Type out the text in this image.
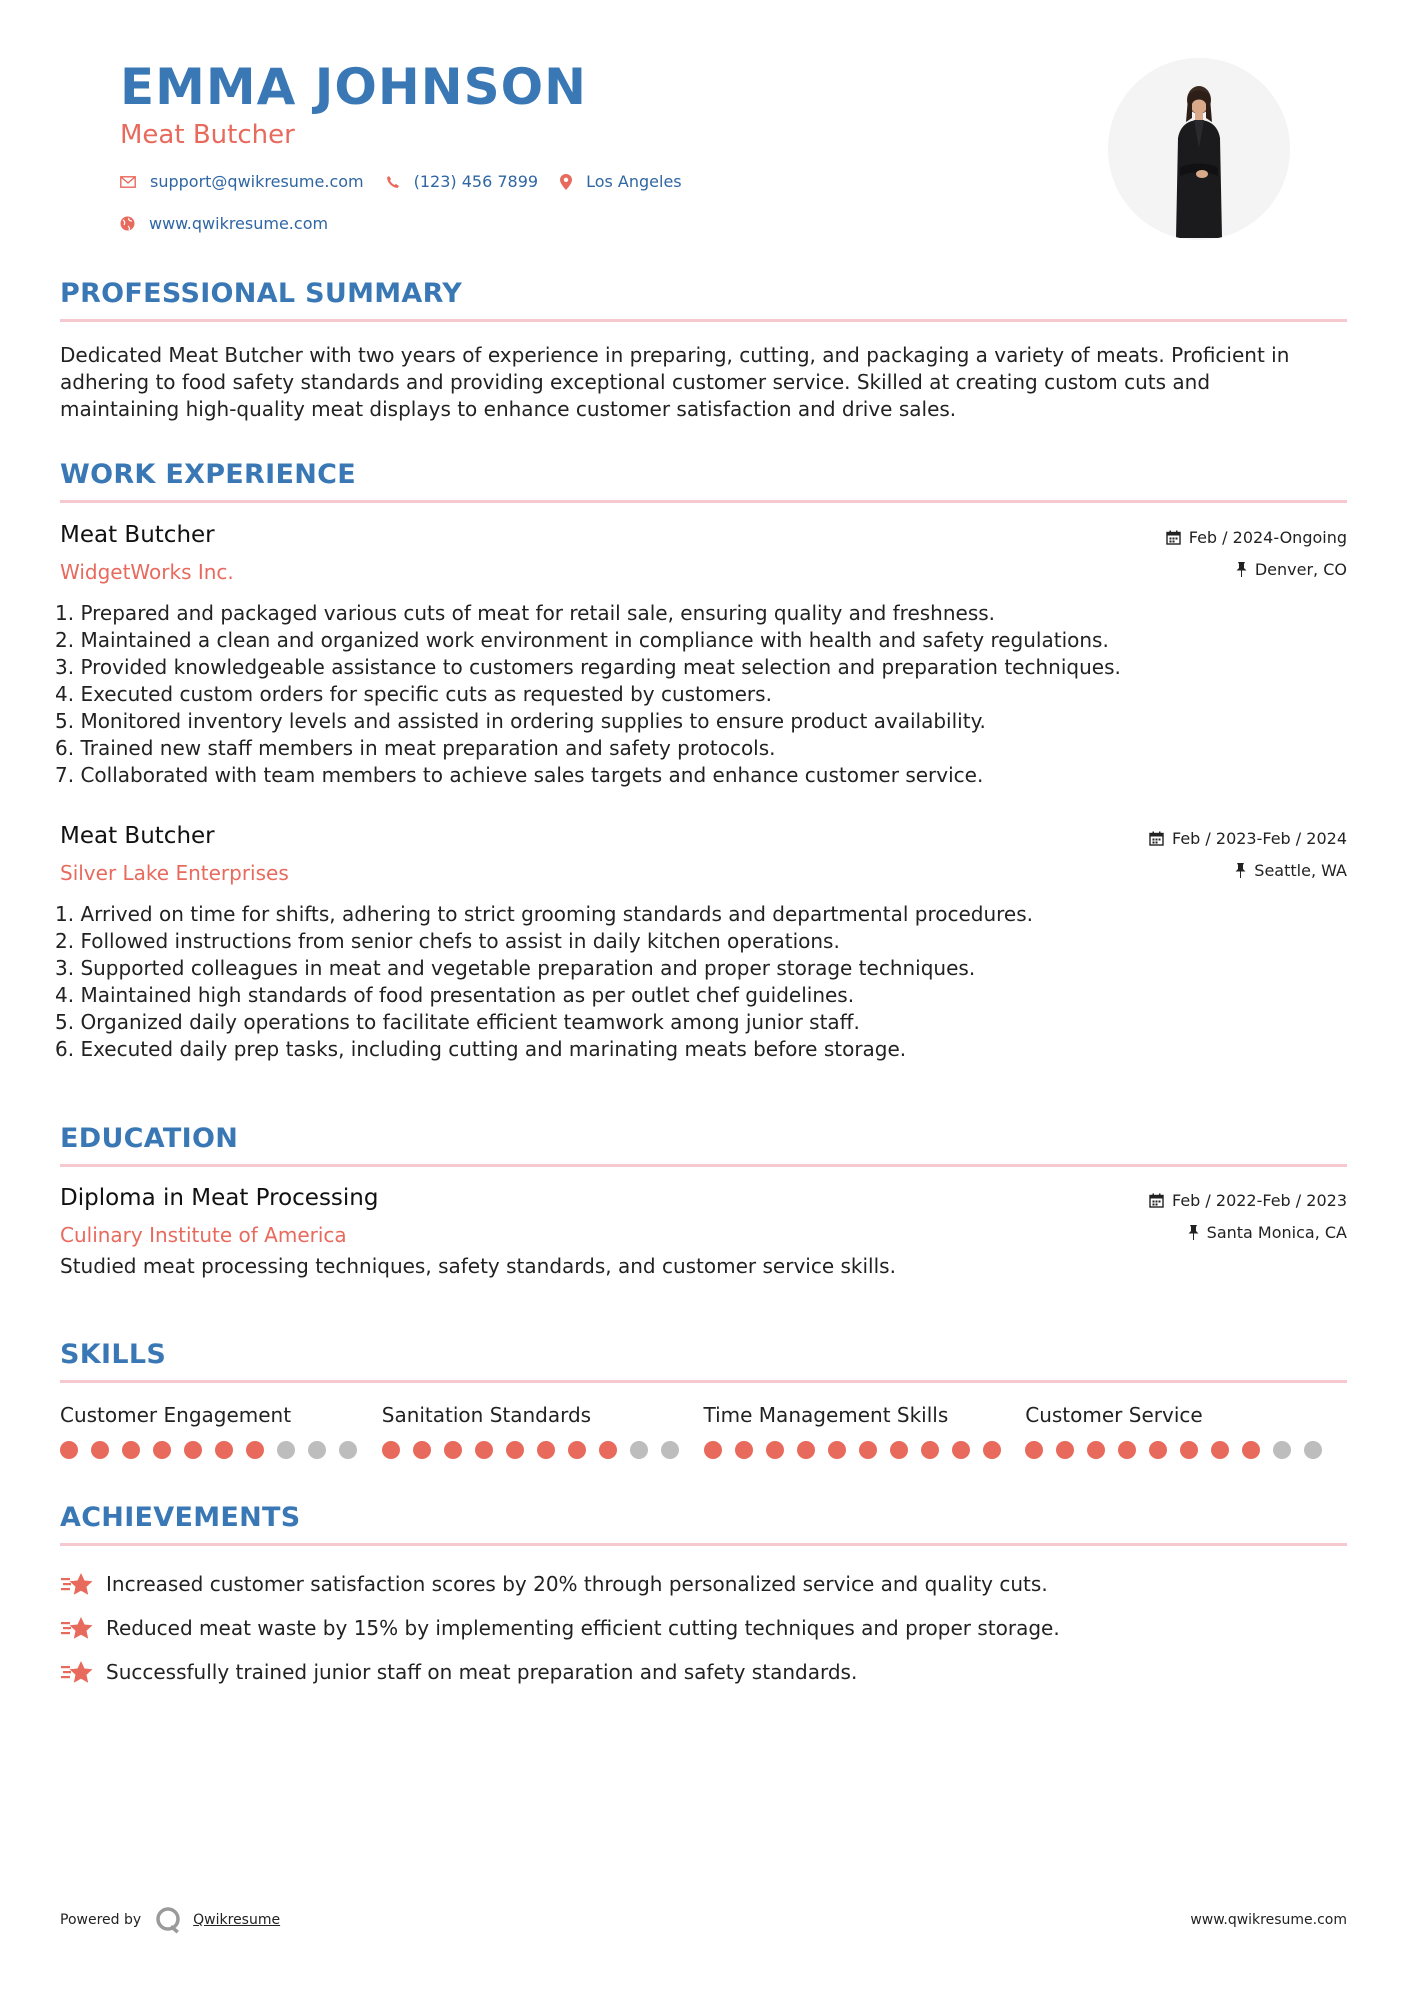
EMMA JOHNSON
Meat Butcher
support@qwikresume.com	(123) 456 7899	Los Angeles
www.qwikresume.com
PROFESSIONAL SUMMARY
Dedicated Meat Butcher with two years of experience in preparing, cutting, and packaging a variety of meats. Proficient in
adhering to food safety standards and providing exceptional customer service. Skilled at creating custom cuts and
maintaining high-quality meat displays to enhance customer satisfaction and drive sales.
WORK EXPERIENCE
Meat Butcher
WidgetWorks Inc.
Feb / 2024-Ongoing
Denver, CO
1. Prepared and packaged various cuts of meat for retail sale, ensuring quality and freshness.
2. Maintained a clean and organized work environment in compliance with health and safety regulations.
3. Provided knowledgeable assistance to customers regarding meat selection and preparation techniques.
4. Executed custom orders for specific cuts as requested by customers.
5. Monitored inventory levels and assisted in ordering supplies to ensure product availability.
6. Trained new staff members in meat preparation and safety protocols.
7. Collaborated with team members to achieve sales targets and enhance customer service.
Meat Butcher
Silver Lake Enterprises
Feb / 2023-Feb / 2024
Seattle, WA
1. Arrived on time for shifts, adhering to strict grooming standards and departmental procedures.
2. Followed instructions from senior chefs to assist in daily kitchen operations.
3. Supported colleagues in meat and vegetable preparation and proper storage techniques.
4. Maintained high standards of food presentation as per outlet chef guidelines.
5. Organized daily operations to facilitate efficient teamwork among junior staff.
6. Executed daily prep tasks, including cutting and marinating meats before storage.
EDUCATION
Diploma in Meat Processing
Culinary Institute of America
Feb / 2022-Feb / 2023
Santa Monica, CA
Studied meat processing techniques, safety standards, and customer service skills.
SKILLS
Customer Engagement	Sanitation Standards	Time Management Skills	Customer Service
ACHIEVEMENTS
Increased customer satisfaction scores by 20% through personalized service and quality cuts.
Reduced meat waste by 15% by implementing efficient cutting techniques and proper storage.
Successfully trained junior staff on meat preparation and safety standards.
Powered by	Qwikresume	www.qwikresume.com
